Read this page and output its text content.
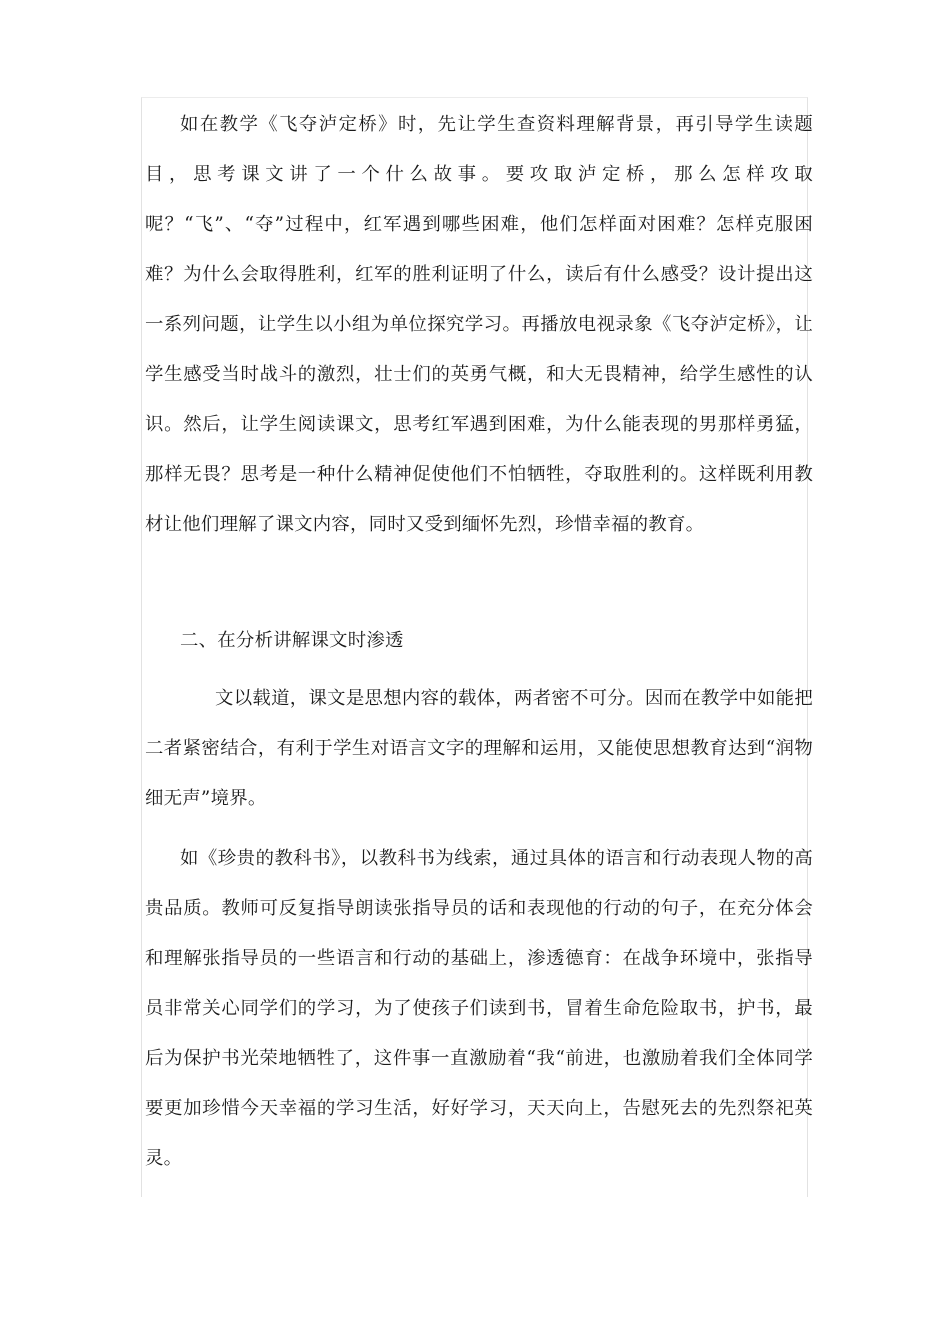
如在教学《飞夺泸定桥》时，先让学生查资料理解背景，再引导学生读题目，思考课文讲了一个什么故事。要攻取泸定桥，那么怎样攻取呢？“飞”、“夺”过程中，红军遇到哪些困难，他们怎样面对困难？怎样克服困难？为什么会取得胜利，红军的胜利证明了什么，读后有什么感受？设计提出这一系列问题，让学生以小组为单位探究学习。再播放电视录象《飞夺泸定桥》，让学生感受当时战斗的激烈，壮士们的英勇气概，和大无畏精神，给学生感性的认识。然后，让学生阅读课文，思考红军遇到困难，为什么能表现的男那样勇猛，那样无畏？思考是一种什么精神促使他们不怕牺牲，夺取胜利的。这样既利用教材让他们理解了课文内容，同时又受到缅怀先烈，珍惜幸福的教育。

二、在分析讲解课文时渗透

文以载道，课文是思想内容的载体，两者密不可分。因而在教学中如能把二者紧密结合，有利于学生对语言文字的理解和运用，又能使思想教育达到“润物细无声”境界。

如《珍贵的教科书》，以教科书为线索，通过具体的语言和行动表现人物的高贵品质。教师可反复指导朗读张指导员的话和表现他的行动的句子，在充分体会和理解张指导员的一些语言和行动的基础上，渗透德育：在战争环境中，张指导员非常关心同学们的学习，为了使孩子们读到书，冒着生命危险取书，护书，最后为保护书光荣地牺牲了，这件事一直激励着“我“前进，也激励着我们全体同学要更加珍惜今天幸福的学习生活，好好学习，天天向上，告慰死去的先烈祭祀英灵。
